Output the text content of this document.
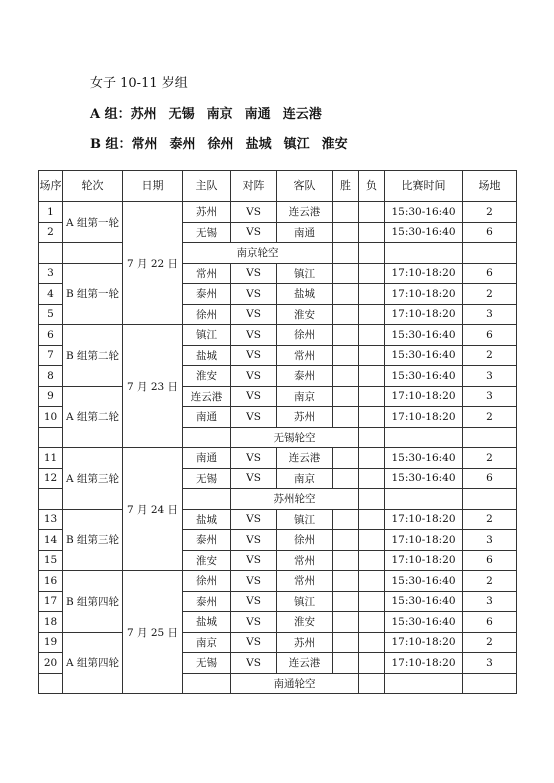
女子 10-11 岁组
A 组：苏州 无锡 南京 南通 连云港
B 组：常州 泰州 徐州 盐城 镇江 淮安
场序	轮次	日期	主队	对阵	客队	胜	负	比赛时间	场地	
1	A 组第一轮	7 月 22 日	苏州	VS	连云港			15:30-16:40	2	
2			无锡	VS	南通			15:30-16:40	6	
			南京轮空							
3	B 组第一轮		常州	VS	镇江			17:10-18:20	6	
4			泰州	VS	盐城			17:10-18:20	2	
5			徐州	VS	淮安			17:10-18:20	3	
6	B 组第二轮	7 月 23 日	镇江	VS	徐州			15:30-16:40	6	
7			盐城	VS	常州			15:30-16:40	2	
8			淮安	VS	泰州			15:30-16:40	3	
9	A 组第二轮		连云港	VS	南京			17:10-18:20	3	
10			南通	VS	苏州			17:10-18:20	2	
				无锡轮空						
11	A 组第三轮	7 月 24 日	南通	VS	连云港			15:30-16:40	2	
12			无锡	VS	南京			15:30-16:40	6	
				苏州轮空						
13	B 组第三轮		盐城	VS	镇江			17:10-18:20	2	
14			泰州	VS	徐州			17:10-18:20	3	
15			淮安	VS	常州			17:10-18:20	6	
16	B 组第四轮	7 月 25 日	徐州	VS	常州			15:30-16:40	2	
17			泰州	VS	镇江			15:30-16:40	3	
18			盐城	VS	淮安			15:30-16:40	6	
19	A 组第四轮		南京	VS	苏州			17:10-18:20	2	
20			无锡	VS	连云港			17:10-18:20	3	
				南通轮空						
